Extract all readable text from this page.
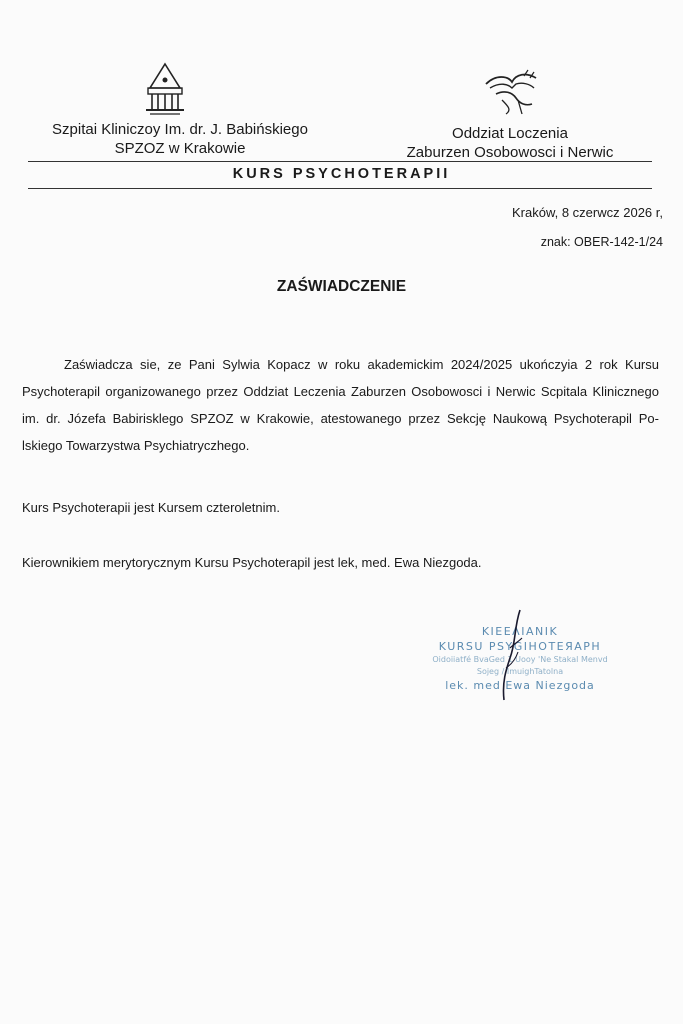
Szpitai Kliniczoy Im. dr. J. Babińskiego
SPZOZ w Krakowie
Oddziat Loczenia
Zaburzen Osobowosci i Nerwic
KURS PSYCHOTERAPII
Kraków, 8 czerwcz 2026 r,
znak: OBER-142-1/24
ZAŚWIADCZENIE

Zaświadcza sie, ze Pani Sylwia Kopacz w roku akademickim 2024/2025 ukończyia 2 rok Kursu Psychoterapil organizowanego przez Oddziat Leczenia Zaburzen Osobowosci i Nerwic Scpitala Klinicznego im. dr. Józefa Babirisklego SPZOZ w Krakowie, atestowanego przez Sekcję Naukową Psychoterapil Po-lskiego Towarzystwa Psychiatryczhego.

Kurs Psychoterapii jest Kursem czteroletnim.
Kierownikiem merytorycznym Kursu Psychoterapil jest lek, med. Ewa Niezgoda.
KIEEΛIANIK
KURSU PSYGIHOTEЯAPH
Oidoiiatfé BvaGed 1 Uooy 'Ne Stakal Menvd
Sojeg / ImuighTatolna
lek. med Ewa Niezgoda
